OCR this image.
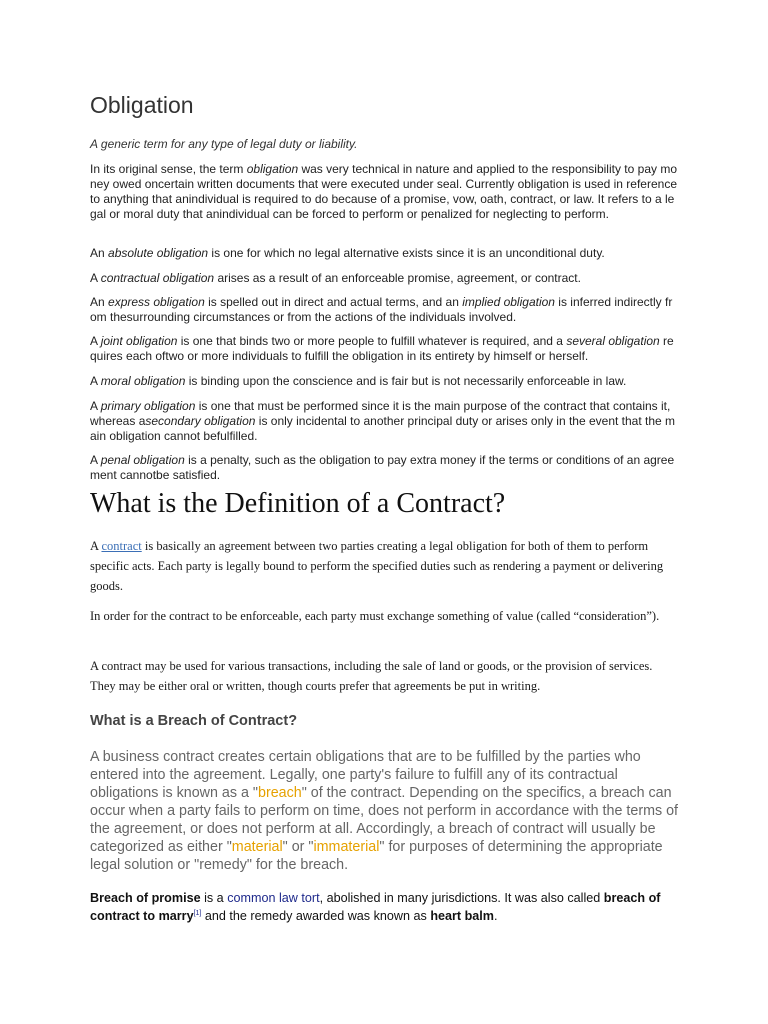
Obligation

A generic term for any type of legal duty or liability.

In its original sense, the term obligation was very technical in nature and applied to the responsibility to pay money owed oncertain written documents that were executed under seal. Currently obligation is used in reference to anything that anindividual is required to do because of a promise, vow, oath, contract, or law. It refers to a legal or moral duty that anindividual can be forced to perform or penalized for neglecting to perform.

An absolute obligation is one for which no legal alternative exists since it is an unconditional duty.

A contractual obligation arises as a result of an enforceable promise, agreement, or contract.

An express obligation is spelled out in direct and actual terms, and an implied obligation is inferred indirectly from thesurrounding circumstances or from the actions of the individuals involved.

A joint obligation is one that binds two or more people to fulfill whatever is required, and a several obligation requires each oftwo or more individuals to fulfill the obligation in its entirety by himself or herself.

A moral obligation is binding upon the conscience and is fair but is not necessarily enforceable in law.

A primary obligation is one that must be performed since it is the main purpose of the contract that contains it, whereas asecondary obligation is only incidental to another principal duty or arises only in the event that the main obligation cannot befulfilled.

A penal obligation is a penalty, such as the obligation to pay extra money if the terms or conditions of an agreement cannotbe satisfied.

What is the Definition of a Contract?

A contract is basically an agreement between two parties creating a legal obligation for both of them to perform specific acts. Each party is legally bound to perform the specified duties such as rendering a payment or delivering goods.

In order for the contract to be enforceable, each party must exchange something of value (called “consideration”).

A contract may be used for various transactions, including the sale of land or goods, or the provision of services. They may be either oral or written, though courts prefer that agreements be put in writing.

What is a Breach of Contract?

A business contract creates certain obligations that are to be fulfilled by the parties who entered into the agreement. Legally, one party's failure to fulfill any of its contractual obligations is known as a "breach" of the contract. Depending on the specifics, a breach can occur when a party fails to perform on time, does not perform in accordance with the terms of the agreement, or does not perform at all. Accordingly, a breach of contract will usually be categorized as either "material" or "immaterial" for purposes of determining the appropriate legal solution or "remedy" for the breach.

Breach of promise is a common law tort, abolished in many jurisdictions. It was also called breach of contract to marry[1] and the remedy awarded was known as heart balm.
